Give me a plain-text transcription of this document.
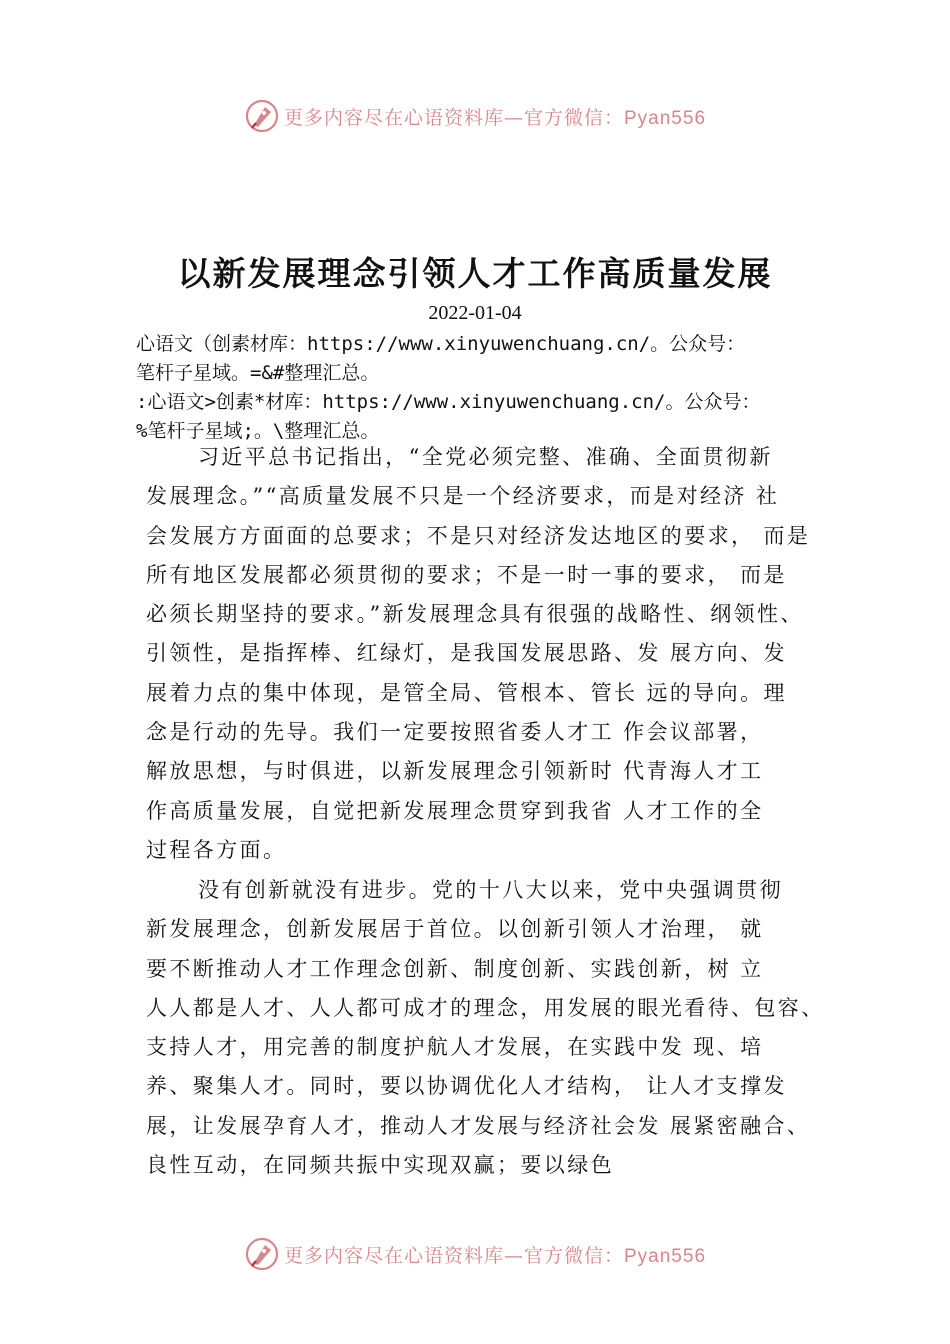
更多内容尽在心语资料库—官方微信：Pyan556
以新发展理念引领人才工作高质量发展
2022-01-04
心语文（创素材库：https://www.xinyuwenchuang.cn/。公众号：
笔杆子星域。=&#整理汇总。
:心语文>创素*材库：https://www.xinyuwenchuang.cn/。公众号：
%笔杆子星域;。\整理汇总。
习近平总书记指出，“全党必须完整、准确、全面贯彻新
发展理念。”“高质量发展不只是一个经济要求，而是对经济 社
会发展方方面面的总要求；不是只对经济发达地区的要求， 而是
所有地区发展都必须贯彻的要求；不是一时一事的要求， 而是
必须长期坚持的要求。”新发展理念具有很强的战略性、纲领性、
引领性，是指挥棒、红绿灯，是我国发展思路、发 展方向、发
展着力点的集中体现，是管全局、管根本、管长 远的导向。理
念是行动的先导。我们一定要按照省委人才工 作会议部署，
解放思想，与时俱进，以新发展理念引领新时 代青海人才工
作高质量发展，自觉把新发展理念贯穿到我省 人才工作的全
过程各方面。
没有创新就没有进步。党的十八大以来，党中央强调贯彻
新发展理念，创新发展居于首位。以创新引领人才治理， 就
要不断推动人才工作理念创新、制度创新、实践创新，树 立
人人都是人才、人人都可成才的理念，用发展的眼光看待、包容、
支持人才，用完善的制度护航人才发展，在实践中发 现、培
养、聚集人才。同时，要以协调优化人才结构， 让人才支撑发
展，让发展孕育人才，推动人才发展与经济社会发 展紧密融合、
良性互动，在同频共振中实现双赢；要以绿色
更多内容尽在心语资料库—官方微信：Pyan556
